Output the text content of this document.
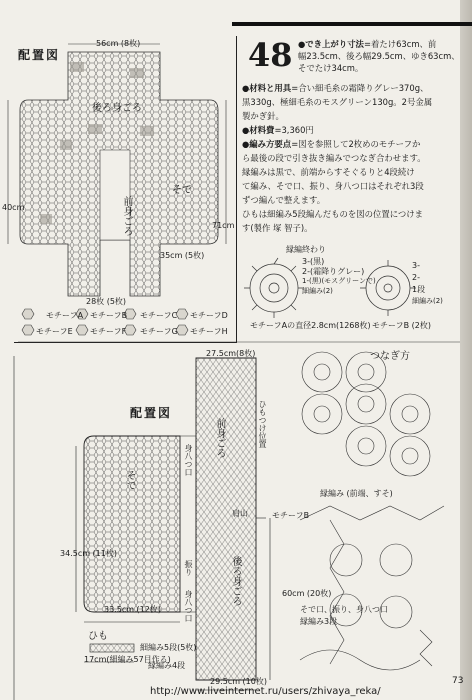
配置図
56cm (8枚)
後ろ身ごろ
前身ごろ
そで
35cm (5枚)
40cm
71cm
28枚 (5枚)
モチーフA モチーフB モチーフC モチーフD
モチーフE モチーフF モチーフG モチーフH
48 ●でき上がり寸法=着たけ63cm、前
幅23.5cm、後ろ幅29.5cm、ゆき63cm、
そでたけ34cm。
●材料と用具=合い細毛糸の霜降りグレー370g、
黒330g、極細毛糸のモスグリーン130g。2号金属
製かぎ針。
●材料費=3,360円
●編み方要点=図を参照して2枚めのモチーフか
ら最後の段で引き抜き編みでつなぎ合わせます。
縁編みは黒で、前端からすそぐるりと4段続け
て編み、そで口、振り、身八つ口はそれぞれ3段
ずつ編んで整えます。
ひもは細編み5段編んだものを図の位置につけま
す(製作 塚 智子)。
縁編終わり
3-(黒)
2-(霜降りグレー)
1-(黒)(モスグリーンで)
細編み(2)
3-
2-
1段
細編み(2)
モチーフAの直径2.8cm(1268枚) モチーフB (2枚)
つなぎ方
縁編み (前端、すそ)
配置図
27.5cm(8枚)
前身ごろ
後ろ身ごろ
そで
ひもつけ位置
肩山	モチーフB
34.5cm (11枚)
33.5cm (12枚)
60cm (20枚)
29.5cm (10枚)
身八つ口
振り
身八つ口
ひも
細編み5段(5枚)
17cm(細編み57目作る)
縁編み4段
そで口、振り、身八つ口
縁編み3段
http://www.liveinternet.ru/users/zhivaya_reka/
73
